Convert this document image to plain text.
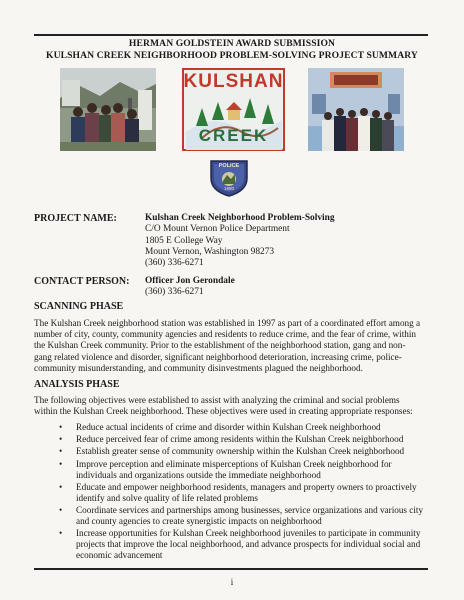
HERMAN GOLDSTEIN AWARD SUBMISSION
KULSHAN CREEK NEIGHBORHOOD PROBLEM-SOLVING PROJECT SUMMARY
KULSHAN
CREEK
POLICE
1890
PROJECT NAME:	Kulshan Creek Neighborhood Problem-Solving
C/O Mount Vernon Police Department
1805 E College Way
Mount Vernon, Washington 98273
(360) 336-6271
CONTACT PERSON: Officer Jon Gerondale
(360) 336-6271
SCANNING PHASE
The Kulshan Creek neighborhood station was established in 1997 as part of a coordinated effort among a
number of city, county, community agencies and residents to reduce crime, and the fear of crime, within
the Kulshan Creek community. Prior to the establishment of the neighborhood station, gang and non-
gang related violence and disorder, significant neighborhood deterioration, increasing crime, police-
community misunderstanding, and community disinvestments plagued the neighborhood.
ANALYSIS PHASE
The following objectives were established to assist with analyzing the criminal and social problems
within the Kulshan Creek neighborhood. These objectives were used in creating appropriate responses:
• Reduce actual incidents of crime and disorder within Kulshan Creek neighborhood
• Reduce perceived fear of crime among residents within the Kulshan Creek neighborhood
• Establish greater sense of community ownership within the Kulshan Creek neighborhood
• Improve perception and eliminate misperceptions of Kulshan Creek neighborhood for
individuals and organizations outside the immediate neighborhood
• Educate and empower neighborhood residents, managers and property owners to proactively
identify and solve quality of life related problems
• Coordinate services and partnerships among businesses, service organizations and various city
and county agencies to create synergistic impacts on neighborhood
• Increase opportunities for Kulshan Creek neighborhood juveniles to participate in community
projects that improve the local neighborhood, and advance prospects for individual social and
economic advancement
i
